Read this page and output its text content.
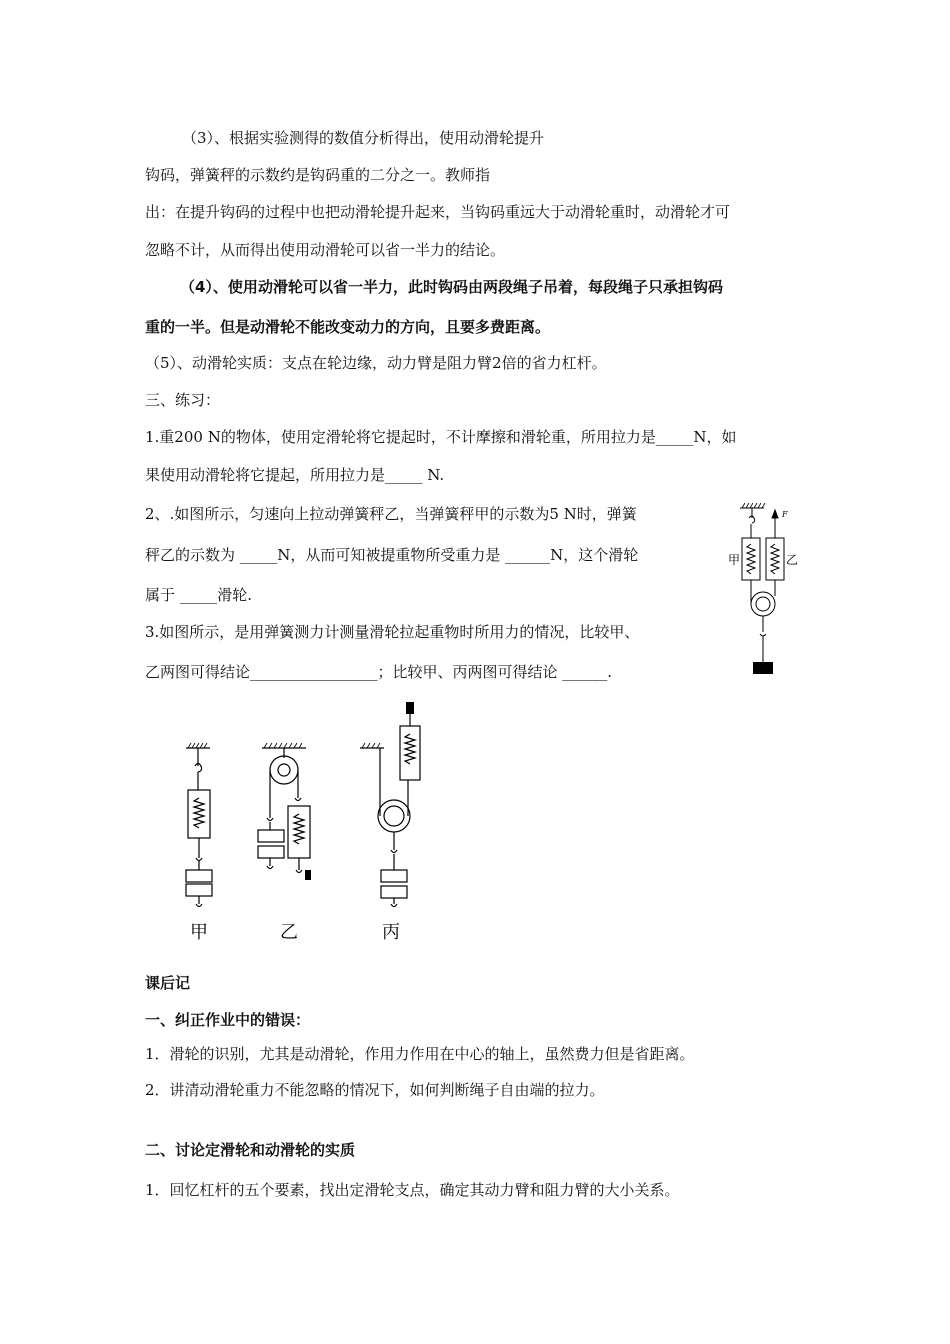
（3）、根据实验测得的数值分析得出，使用动滑轮提升
钩码，弹簧秤的示数约是钩码重的二分之一。教师指
出：在提升钩码的过程中也把动滑轮提升起来，当钩码重远大于动滑轮重时，动滑轮才可
忽略不计，从而得出使用动滑轮可以省一半力的结论。
（4）、使用动滑轮可以省一半力，此时钩码由两段绳子吊着，每段绳子只承担钩码
重的一半。但是动滑轮不能改变动力的方向，且要多费距离。
（5）、动滑轮实质：支点在轮边缘，动力臂是阻力臂2倍的省力杠杆。
三、练习：
1.重200 N的物体，使用定滑轮将它提起时，不计摩擦和滑轮重，所用拉力是_____N，如
果使用动滑轮将它提起，所用拉力是_____ N.
2、.如图所示，匀速向上拉动弹簧秤乙，当弹簧秤甲的示数为5 N时，弹簧
秤乙的示数为 _____N，从而可知被提重物所受重力是 ______N，这个滑轮
属于 _____滑轮.
3.如图所示，是用弹簧测力计测量滑轮拉起重物时所用力的情况，比较甲、
乙两图可得结论_________________；比较甲、丙两图可得结论 ______.
课后记
一、纠正作业中的错误：
1．滑轮的识别，尤其是动滑轮，作用力作用在中心的轴上，虽然费力但是省距离。
2．讲清动滑轮重力不能忽略的情况下，如何判断绳子自由端的拉力。
二、讨论定滑轮和动滑轮的实质
1．回忆杠杆的五个要素，找出定滑轮支点，确定其动力臂和阻力臂的大小关系。
F
甲	乙
甲	乙	丙
